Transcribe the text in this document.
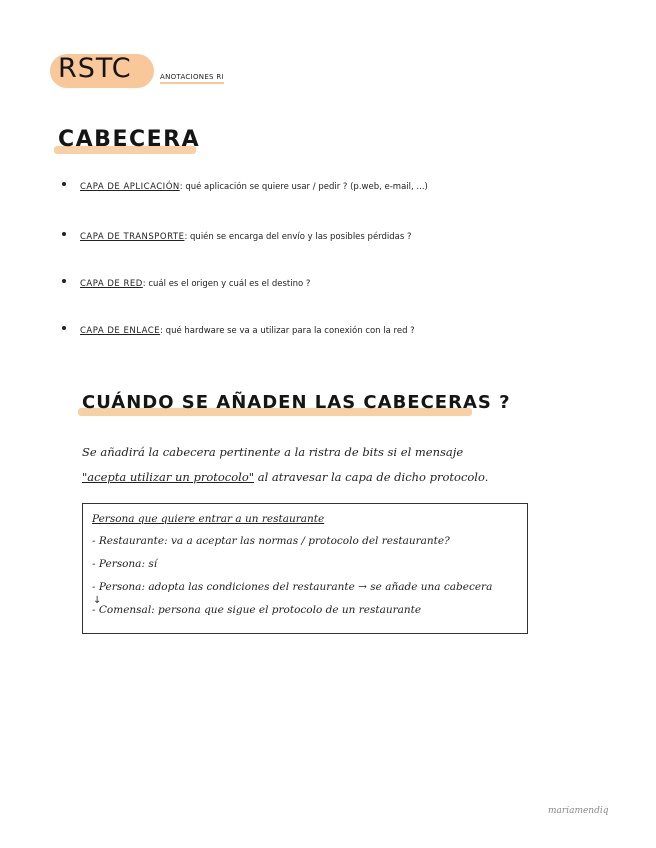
RSTC	ANOTACIONES RI
CABECERA
CAPA DE APLICACIÓN: qué aplicación se quiere usar / pedir ? (p.web, e-mail, ...)
CAPA DE TRANSPORTE: quién se encarga del envío y las posibles pérdidas ?
CAPA DE RED: cuál es el origen y cuál es el destino ?
CAPA DE ENLACE: qué hardware se va a utilizar para la conexión con la red ?
CUÁNDO SE AÑADEN LAS CABECERAS ?
Se añadirá la cabecera pertinente a la ristra de bits si el mensaje
"acepta utilizar un protocolo" al atravesar la capa de dicho protocolo.
Persona que quiere entrar a un restaurante
- Restaurante: va a aceptar las normas / protocolo del restaurante?
- Persona: sí
- Persona: adopta las condiciones del restaurante → se añade una cabecera
- Comensal: persona que sigue el protocolo de un restaurante
↓
mariamendiq
